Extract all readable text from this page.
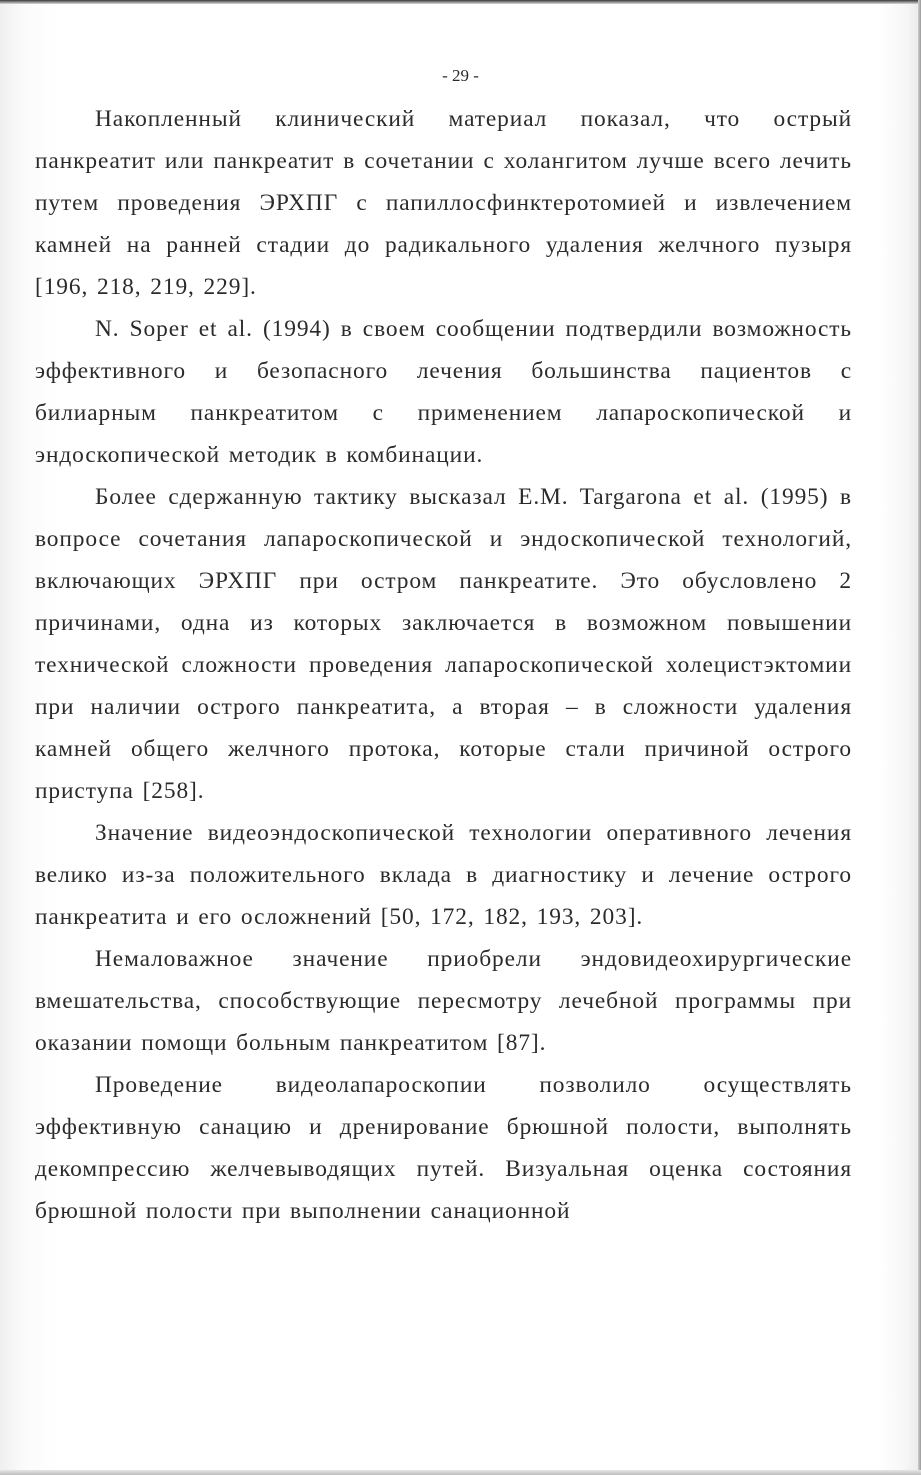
- 29 -

Накопленный клинический материал показал, что острый панкреатит или панкреатит в сочетании с холангитом лучше всего лечить путем проведения ЭРХПГ с папиллосфинктеротомией и извлечением камней на ранней стадии до радикального удаления желчного пузыря [196, 218, 219, 229].

N. Soper et al. (1994) в своем сообщении подтвердили возможность эффективного и безопасного лечения большинства пациентов с билиарным панкреатитом с применением лапароскопической и эндоскопической методик в комбинации.

Более сдержанную тактику высказал E.M. Targarona et al. (1995) в вопросе сочетания лапароскопической и эндоскопической технологий, включающих ЭРХПГ при остром панкреатите. Это обусловлено 2 причинами, одна из которых заключается в возможном повышении технической сложности проведения лапароскопической холецистэктомии при наличии острого панкреатита, а вторая – в сложности удаления камней общего желчного протока, которые стали причиной острого приступа [258].

Значение видеоэндоскопической технологии оперативного лечения велико из-за положительного вклада в диагностику и лечение острого панкреатита и его осложнений [50, 172, 182, 193, 203].

Немаловажное значение приобрели эндовидеохирургические вмешательства, способствующие пересмотру лечебной программы при оказании помощи больным панкреатитом [87].

Проведение видеолапароскопии позволило осуществлять эффективную санацию и дренирование брюшной полости, выполнять декомпрессию желчевыводящих путей. Визуальная оценка состояния брюшной полости при выполнении санационной
